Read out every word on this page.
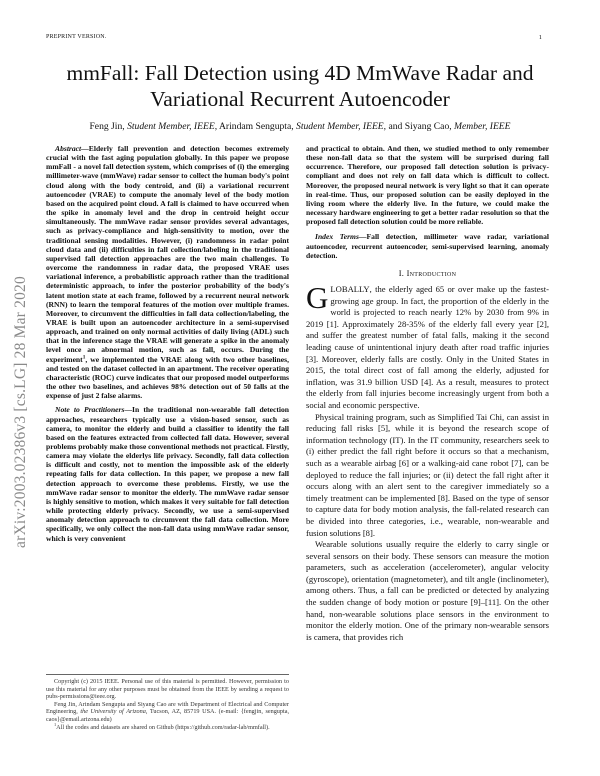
PREPRINT VERSION.	1
arXiv:2003.02386v3 [cs.LG] 28 Mar 2020
mmFall: Fall Detection using 4D MmWave Radar and Variational Recurrent Autoencoder
Feng Jin, Student Member, IEEE, Arindam Sengupta, Student Member, IEEE, and Siyang Cao, Member, IEEE

Abstract—Elderly fall prevention and detection becomes extremely crucial with the fast aging population globally. In this paper we propose mmFall - a novel fall detection system, which comprises of (i) the emerging millimeter-wave (mmWave) radar sensor to collect the human body's point cloud along with the body centroid, and (ii) a variational recurrent autoencoder (VRAE) to compute the anomaly level of the body motion based on the acquired point cloud. A fall is claimed to have occurred when the spike in anomaly level and the drop in centroid height occur simultaneously. The mmWave radar sensor provides several advantages, such as privacy-compliance and high-sensitivity to motion, over the traditional sensing modalities. However, (i) randomness in radar point cloud data and (ii) difficulties in fall collection/labeling in the traditional supervised fall detection approaches are the two main challenges. To overcome the randomness in radar data, the proposed VRAE uses variational inference, a probabilistic approach rather than the traditional deterministic approach, to infer the posterior probability of the body's latent motion state at each frame, followed by a recurrent neural network (RNN) to learn the temporal features of the motion over multiple frames. Moreover, to circumvent the difficulties in fall data collection/labeling, the VRAE is built upon an autoencoder architecture in a semi-supervised approach, and trained on only normal activities of daily living (ADL) such that in the inference stage the VRAE will generate a spike in the anomaly level once an abnormal motion, such as fall, occurs. During the experiment$^1$, we implemented the VRAE along with two other baselines, and tested on the dataset collected in an apartment. The receiver operating characteristic (ROC) curve indicates that our proposed model outperforms the other two baselines, and achieves 98% detection out of 50 falls at the expense of just 2 false alarms.

Note to Practitioners—In the traditional non-wearable fall detection approaches, researchers typically use a vision-based sensor, such as camera, to monitor the elderly and build a classifier to identify the fall based on the features extracted from collected fall data. However, several problems probably make those conventional methods not practical. Firstly, camera may violate the elderlys life privacy. Secondly, fall data collection is difficult and costly, not to mention the impossible ask of the elderly repeating falls for data collection. In this paper, we propose a new fall detection approach to overcome these problems. Firstly, we use the mmWave radar sensor to monitor the elderly. The mmWave radar sensor is highly sensitive to motion, which makes it very suitable for fall detection while protecting elderly privacy. Secondly, we use a semi-supervised anomaly detection approach to circumvent the fall data collection. More specifically, we only collect the non-fall data using mmWave radar sensor, which is very convenient

and practical to obtain. And then, we studied method to only remember these non-fall data so that the system will be surprised during fall occurrence. Therefore, our proposed fall detection solution is privacy-compliant and does not rely on fall data which is difficult to collect. Moreover, the proposed neural network is very light so that it can operate in real-time. Thus, our proposed solution can be easily deployed in the living room where the elderly live. In the future, we could make the necessary hardware engineering to get a better radar resolution so that the proposed fall detection solution could be more reliable.

Index Terms—Fall detection, millimeter wave radar, variational autoencoder, recurrent autoencoder, semi-supervised learning, anomaly detection.

I. Introduction

GLOBALLY, the elderly aged 65 or over make up the fastest-growing age group. In fact, the proportion of the elderly in the world is projected to reach nearly 12% by 2030 from 9% in 2019 [1]. Approximately 28-35% of the elderly fall every year [2], and suffer the greatest number of fatal falls, making it the second leading cause of unintentional injury death after road traffic injuries [3]. Moreover, elderly falls are costly. Only in the United States in 2015, the total direct cost of fall among the elderly, adjusted for inflation, was 31.9 billion USD [4]. As a result, measures to protect the elderly from fall injuries become increasingly urgent from both a social and economic perspective.

Physical training program, such as Simplified Tai Chi, can assist in reducing fall risks [5], while it is beyond the research scope of information technology (IT). In the IT community, researchers seek to (i) either predict the fall right before it occurs so that a mechanism, such as a wearable airbag [6] or a walking-aid cane robot [7], can be deployed to reduce the fall injuries; or (ii) detect the fall right after it occurs along with an alert sent to the caregiver immediately so a timely treatment can be implemented [8]. Based on the type of sensor to capture data for body motion analysis, the fall-related research can be divided into three categories, i.e., wearable, non-wearable and fusion solutions [8].

Wearable solutions usually require the elderly to carry single or several sensors on their body. These sensors can measure the motion parameters, such as acceleration (accelerometer), angular velocity (gyroscope), orientation (magnetometer), and tilt angle (inclinometer), among others. Thus, a fall can be predicted or detected by analyzing the sudden change of body motion or posture [9]–[11]. On the other hand, non-wearable solutions place sensors in the environment to monitor the elderly motion. One of the primary non-wearable sensors is camera, that provides rich

Copyright (c) 2015 IEEE. Personal use of this material is permitted. However, permission to use this material for any other purposes must be obtained from the IEEE by sending a request to pubs-permissions@ieee.org.

Feng Jin, Arindam Sengupta and Siyang Cao are with Department of Electrical and Computer Engineering, the University of Arizona, Tucson, AZ, 85719 USA. (e-mail: {fengjin, sengupta, caos}@email.arizona.edu)

$^1$All the codes and datasets are shared on Github (https://github.com/radar-lab/mmfall).
